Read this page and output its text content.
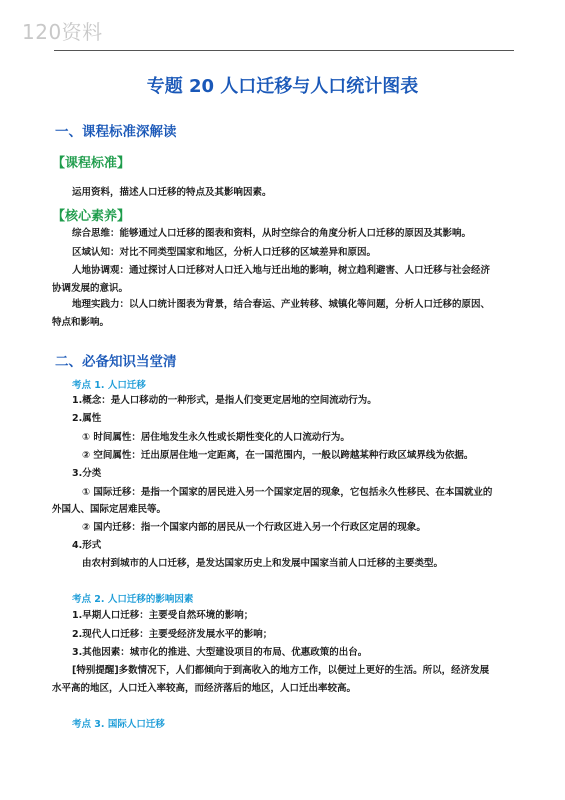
120资料
专题 20 人口迁移与人口统计图表
一、课程标准深解读
【课程标准】
运用资料，描述人口迁移的特点及其影响因素。
【核心素养】
综合思维：能够通过人口迁移的图表和资料，从时空综合的角度分析人口迁移的原因及其影响。
区域认知：对比不同类型国家和地区，分析人口迁移的区域差异和原因。
人地协调观：通过探讨人口迁移对人口迁入地与迁出地的影响，树立趋利避害、人口迁移与社会经济
协调发展的意识。
地理实践力：以人口统计图表为背景，结合春运、产业转移、城镇化等问题，分析人口迁移的原因、
特点和影响。
二、必备知识当堂清
考点 1. 人口迁移
1.概念：是人口移动的一种形式，是指人们变更定居地的空间流动行为。
2.属性
① 时间属性：居住地发生永久性或长期性变化的人口流动行为。
② 空间属性：迁出原居住地一定距离，在一国范围内，一般以跨越某种行政区域界线为依据。
3.分类
① 国际迁移：是指一个国家的居民进入另一个国家定居的现象，它包括永久性移民、在本国就业的
外国人、国际定居难民等。
② 国内迁移：指一个国家内部的居民从一个行政区进入另一个行政区定居的现象。
4.形式
由农村到城市的人口迁移，是发达国家历史上和发展中国家当前人口迁移的主要类型。
考点 2. 人口迁移的影响因素
1.早期人口迁移：主要受自然环境的影响；
2.现代人口迁移：主要受经济发展水平的影响；
3.其他因素：城市化的推进、大型建设项目的布局、优惠政策的出台。
[特别提醒]多数情况下，人们都倾向于到高收入的地方工作，以便过上更好的生活。所以，经济发展
水平高的地区，人口迁入率较高，而经济落后的地区，人口迁出率较高。
考点 3. 国际人口迁移
